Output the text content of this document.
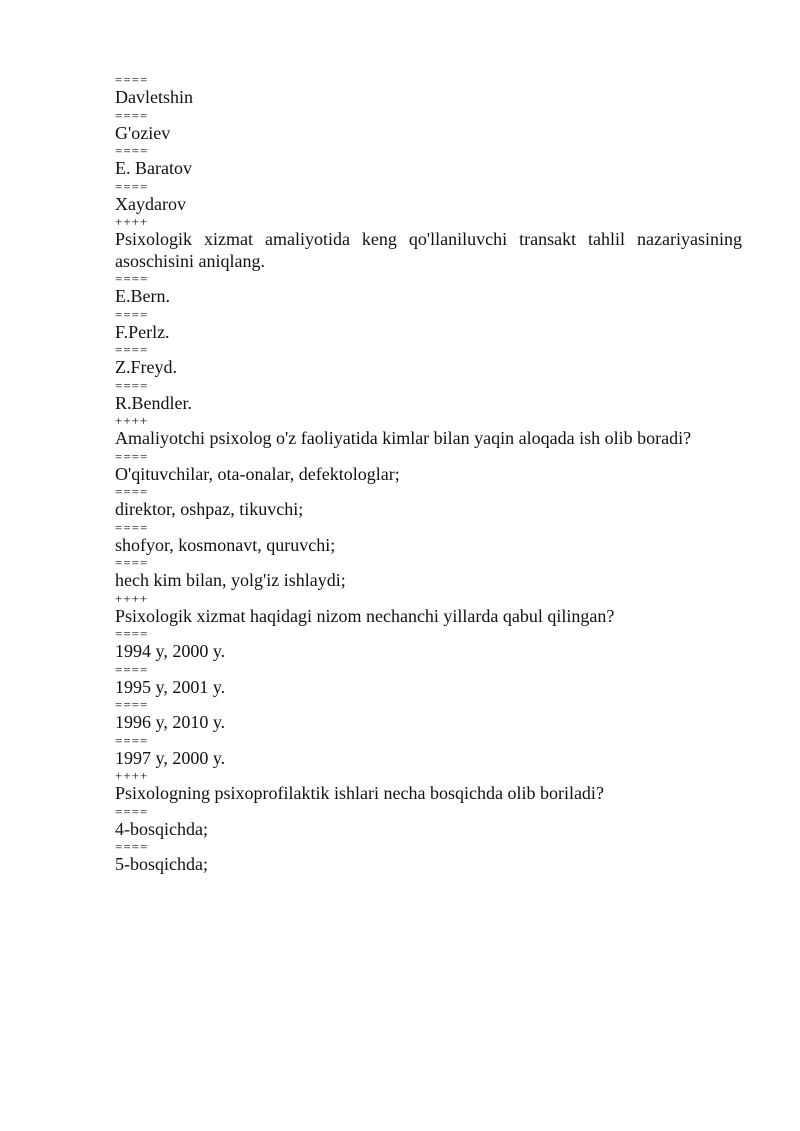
====
Davletshin
====
G'oziev
====
E. Baratov
====
Xaydarov
++++
Psixologik xizmat amaliyotida keng qo'llaniluvchi transakt tahlil nazariyasining asoschisini aniqlang.
====
E.Bern.
====
F.Perlz.
====
Z.Freyd.
====
R.Bendler.
++++
Amaliyotchi psixolog o'z faoliyatida kimlar bilan yaqin aloqada ish olib boradi?
====
O'qituvchilar, ota-onalar, defektologlar;
====
direktor, oshpaz, tikuvchi;
====
shofyor, kosmonavt, quruvchi;
====
hech kim bilan, yolg'iz ishlaydi;
++++
Psixologik xizmat haqidagi nizom nechanchi yillarda qabul qilingan?
====
1994 y, 2000 y.
====
1995 y, 2001 y.
====
1996 y, 2010 y.
====
1997 y, 2000 y.
++++
Psixologning psixoprofilaktik ishlari necha bosqichda olib boriladi?
====
4-bosqichda;
====
5-bosqichda;
